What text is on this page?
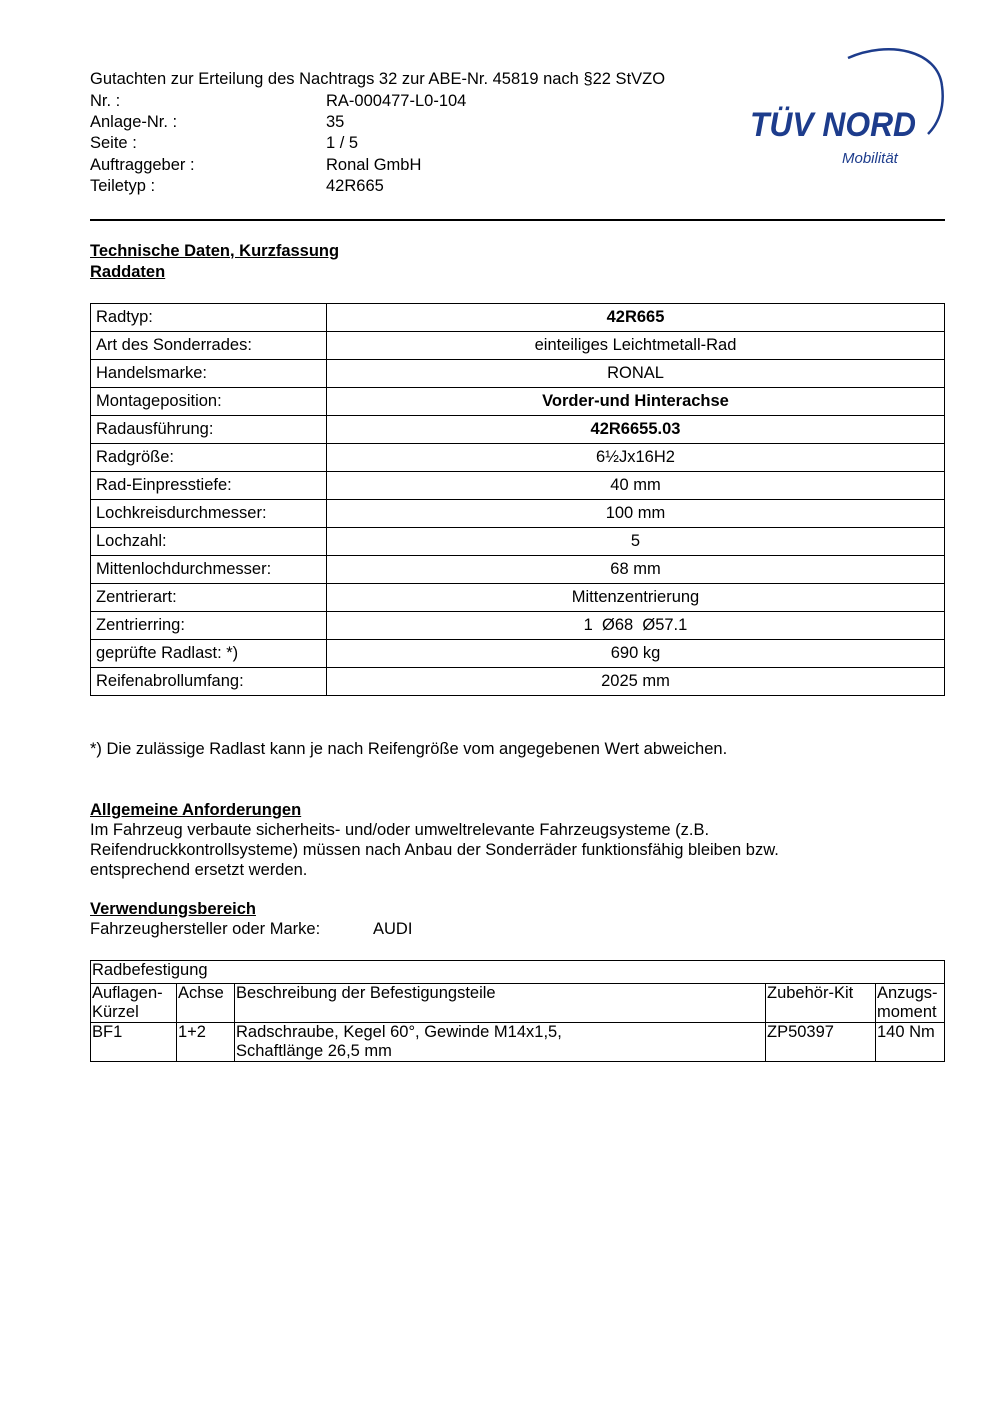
Gutachten zur Erteilung des Nachtrags 32 zur ABE-Nr. 45819 nach §22 StVZO
Nr. :	RA-000477-L0-104
Anlage-Nr. :	35
Seite :	1 / 5
Auftraggeber :	Ronal GmbH
Teiletyp :	42R665
TÜV NORD
Mobilität
Technische Daten, Kurzfassung
Raddaten
Radtyp:	42R665
Art des Sonderrades:	einteiliges Leichtmetall-Rad
Handelsmarke:	RONAL
Montageposition:	Vorder-und Hinterachse
Radausführung:	42R6655.03
Radgröße:	6½Jx16H2
Rad-Einpresstiefe:	40 mm
Lochkreisdurchmesser:	100 mm
Lochzahl:	5
Mittenlochdurchmesser:	68 mm
Zentrierart:	Mittenzentrierung
Zentrierring:	1  Ø68  Ø57.1
geprüfte Radlast: *)	690 kg
Reifenabrollumfang:	2025 mm
*) Die zulässige Radlast kann je nach Reifengröße vom angegebenen Wert abweichen.
Allgemeine Anforderungen
Im Fahrzeug verbaute sicherheits- und/oder umweltrelevante Fahrzeugsysteme (z.B.
Reifendruckkontrollsysteme) müssen nach Anbau der Sonderräder funktionsfähig bleiben bzw.
entsprechend ersetzt werden.
Verwendungsbereich
Fahrzeughersteller oder Marke:	AUDI
Radbefestigung				
Auflagen-
Kürzel	Achse	Beschreibung der Befestigungsteile	Zubehör-Kit	Anzugs-
moment
BF1	1+2	Radschraube, Kegel 60°, Gewinde M14x1,5,
Schaftlänge 26,5 mm	ZP50397	140 Nm
